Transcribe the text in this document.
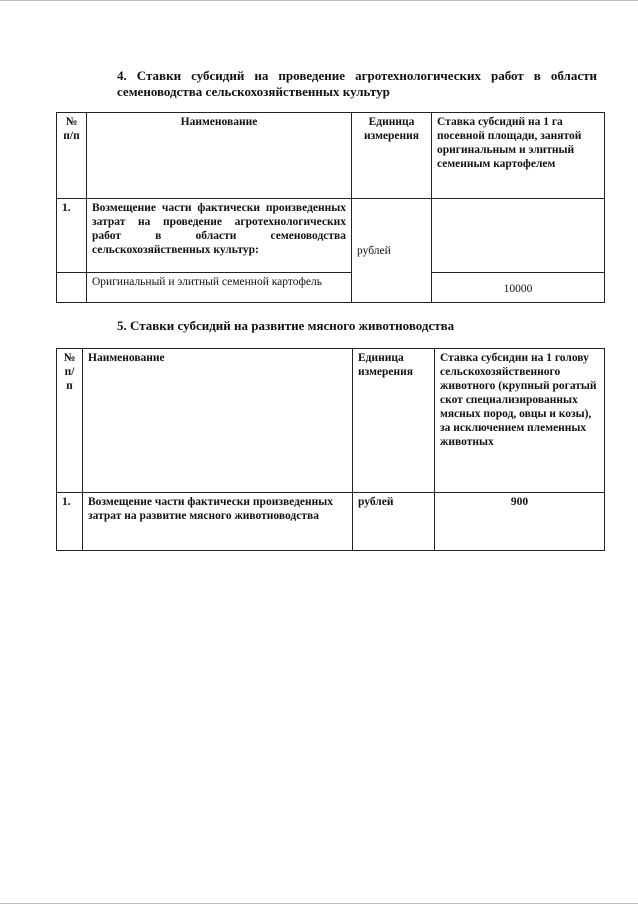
4. Ставки субсидий на проведение агротехнологических работ в области семеноводства сельскохозяйственных культур

№ п/п	Наименование	Единица измерения	Ставка субсидий на 1 га посевной площади, занятой оригинальным и элитный семенным картофелем
1.	Возмещение части фактически произведенных затрат на проведение агротехнологических работ в области семеноводства сельскохозяйственных культур:	рублей	
	Оригинальный и элитный семенной картофель		10000

5. Ставки субсидий на развитие мясного животноводства

№ п/п	Наименование	Единица измерения	Ставка субсидии на 1 голову сельскохозяйственного животного (крупный рогатый скот специализированных мясных пород, овцы и козы), за исключением племенных животных
1.	Возмещение части фактически произведенных затрат на развитие мясного животноводства	рублей	900
